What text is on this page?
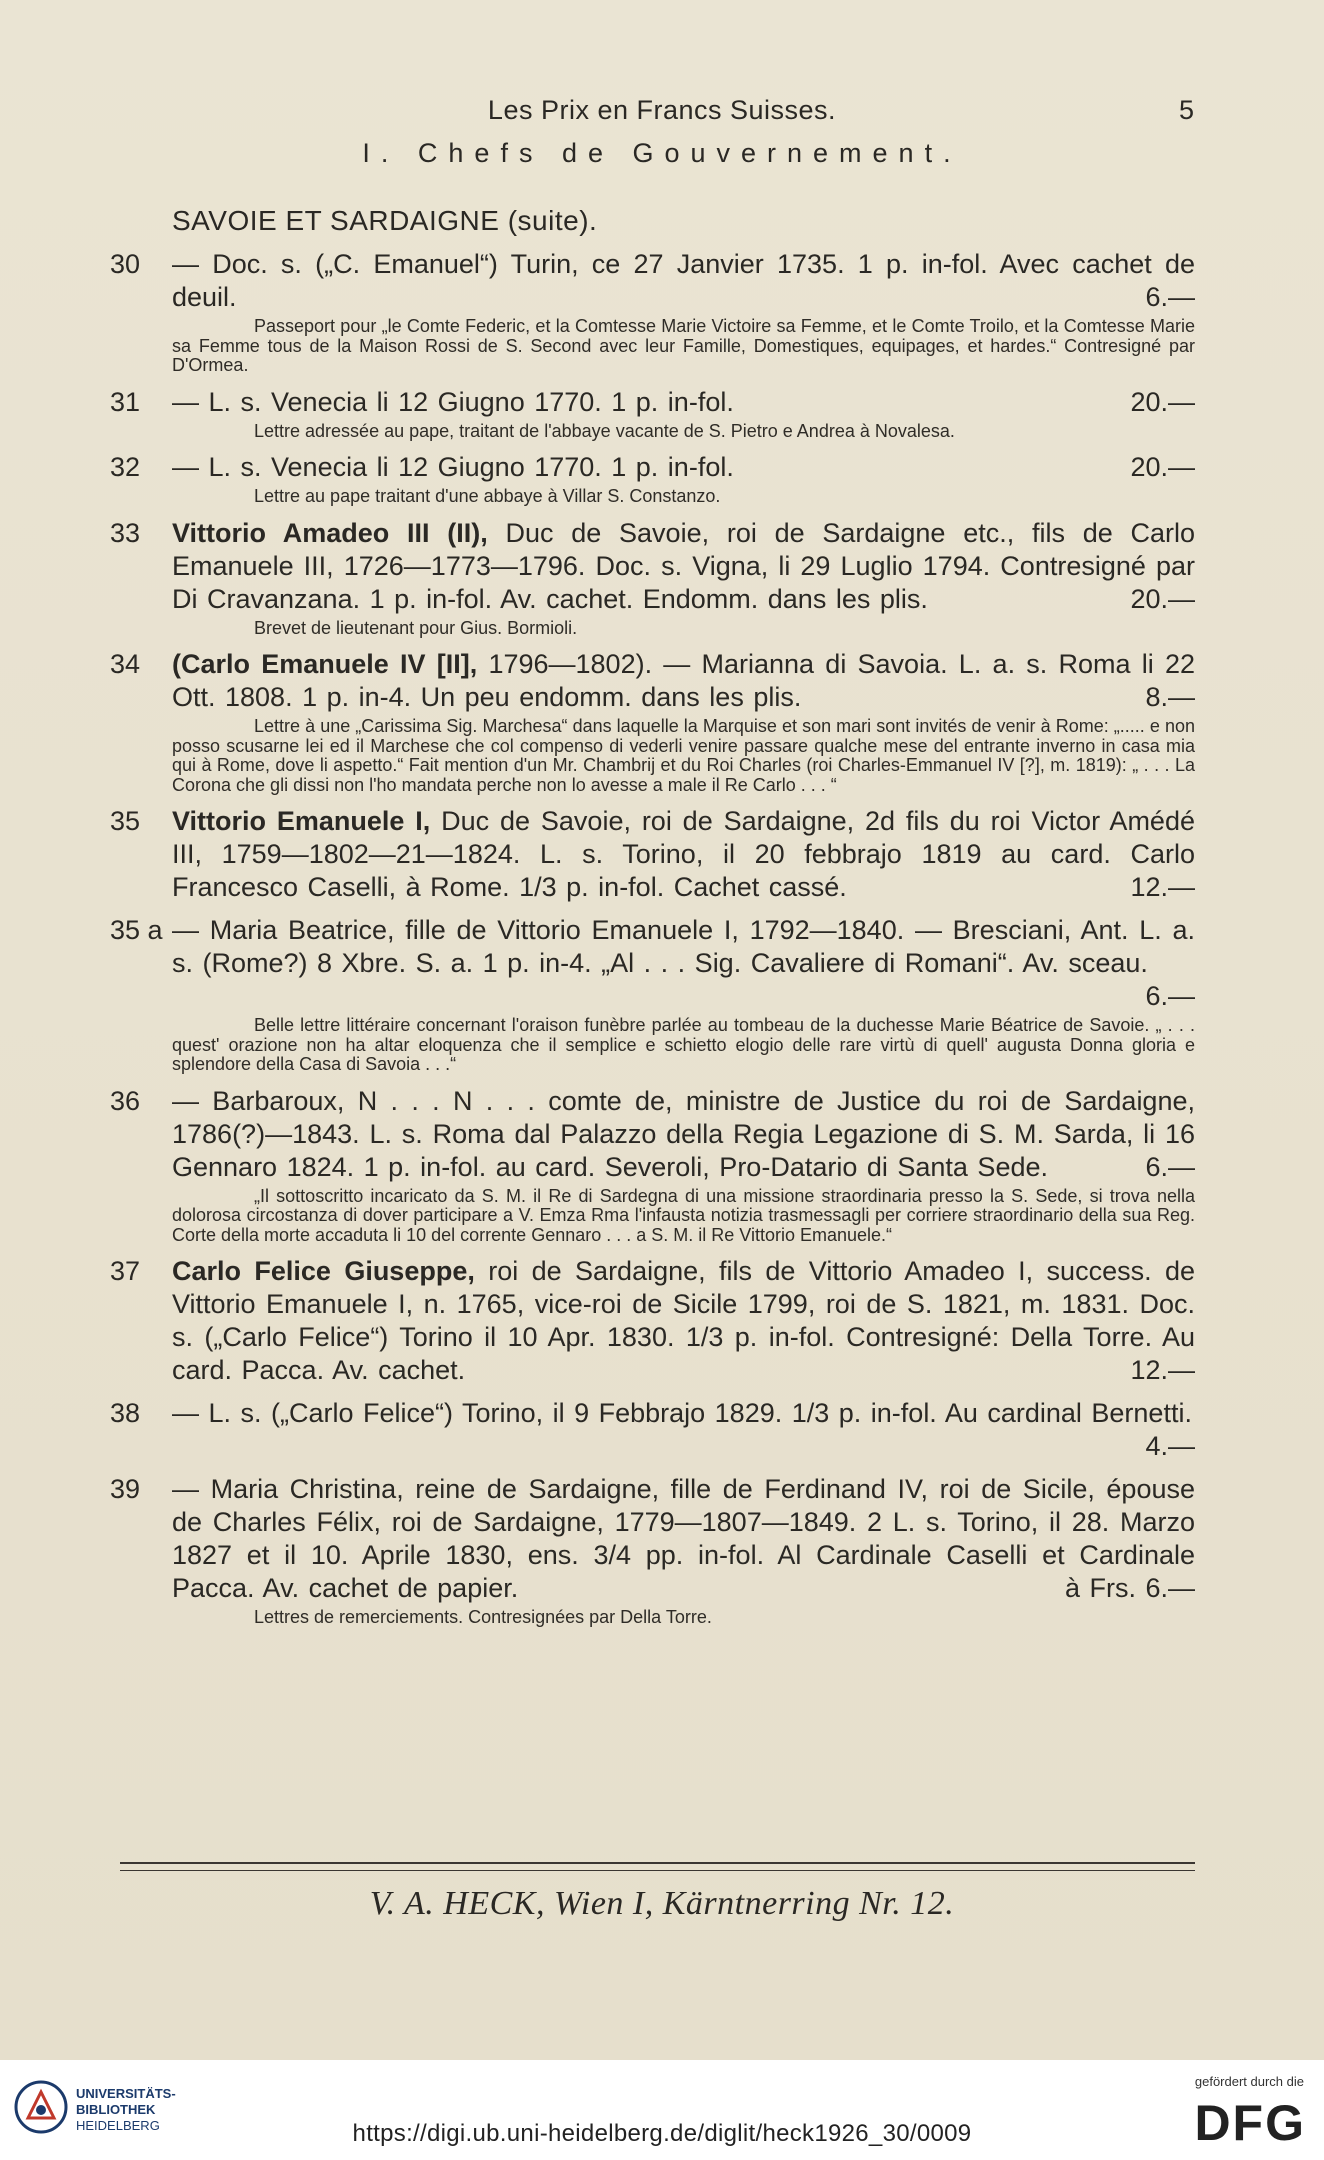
Les Prix en Francs Suisses.	5
I. Chefs de Gouvernement.
SAVOIE ET SARDAIGNE (suite).
30 — Doc. s. („C. Emanuel“) Turin, ce 27 Janvier 1735. 1 p. in-fol. Avec cachet de deuil.	6.—
Passeport pour „le Comte Federic, et la Comtesse Marie Victoire sa Femme, et le Comte Troilo, et la Comtesse Marie sa Femme tous de la Maison Rossi de S. Second avec leur Famille, Domestiques, equipages, et hardes.“ Contresigné par D'Ormea.
31 — L. s. Venecia li 12 Giugno 1770. 1 p. in-fol.	20.—
Lettre adressée au pape, traitant de l'abbaye vacante de S. Pietro e Andrea à Novalesa.
32 — L. s. Venecia li 12 Giugno 1770. 1 p. in-fol.	20.—
Lettre au pape traitant d'une abbaye à Villar S. Constanzo.
33 Vittorio Amadeo III (II), Duc de Savoie, roi de Sardaigne etc., fils de Carlo Emanuele III, 1726—1773—1796. Doc. s. Vigna, li 29 Luglio 1794. Contresigné par Di Cravanzana. 1 p. in-fol. Av. cachet. Endomm. dans les plis.	20.—
Brevet de lieutenant pour Gius. Bormioli.
34 (Carlo Emanuele IV [II], 1796—1802). — Marianna di Savoia. L. a. s. Roma li 22 Ott. 1808. 1 p. in-4. Un peu endomm. dans les plis.	8.—
Lettre à une „Carissima Sig. Marchesa“ dans laquelle la Marquise et son mari sont invités de venir à Rome: „..... e non posso scusarne lei ed il Marchese che col compenso di vederli venire passare qualche mese del entrante inverno in casa mia qui à Rome, dove li aspetto.“ Fait mention d'un Mr. Chambrij et du Roi Charles (roi Charles-Emmanuel IV [?], m. 1819): „ . . . La Corona che gli dissi non l'ho mandata perche non lo avesse a male il Re Carlo . . . “
35 Vittorio Emanuele I, Duc de Savoie, roi de Sardaigne, 2d fils du roi Victor Amédé III, 1759—1802—21—1824. L. s. Torino, il 20 febbrajo 1819 au card. Carlo Francesco Caselli, à Rome. 1/3 p. in-fol. Cachet cassé.	12.—
35 a — Maria Beatrice, fille de Vittorio Emanuele I, 1792—1840. — Bresciani, Ant. L. a. s. (Rome?) 8 Xbre. S. a. 1 p. in-4. „Al . . . Sig. Cavaliere di Romani“. Av. sceau.
6.—
Belle lettre littéraire concernant l'oraison funèbre parlée au tombeau de la duchesse Marie Béatrice de Savoie. „ . . . quest' orazione non ha altar eloquenza che il semplice e schietto elogio delle rare virtù di quell' augusta Donna gloria e splendore della Casa di Savoia . . .“
36 — Barbaroux, N . . . N . . . comte de, ministre de Justice du roi de Sardaigne, 1786(?)—1843. L. s. Roma dal Palazzo della Regia Legazione di S. M. Sarda, li 16 Gennaro 1824. 1 p. in-fol. au card. Severoli, Pro-Datario di Santa Sede.	6.—
„Il sottoscritto incaricato da S. M. il Re di Sardegna di una missione straordinaria presso la S. Sede, si trova nella dolorosa circostanza di dover participare a V. Emza Rma l'infausta notizia trasmessagli per corriere straordinario della sua Reg. Corte della morte accaduta li 10 del corrente Gennaro . . . a S. M. il Re Vittorio Emanuele.“
37 Carlo Felice Giuseppe, roi de Sardaigne, fils de Vittorio Amadeo I, success. de Vittorio Emanuele I, n. 1765, vice-roi de Sicile 1799, roi de S. 1821, m. 1831. Doc. s. („Carlo Felice“) Torino il 10 Apr. 1830. 1/3 p. in-fol. Contresigné: Della Torre. Au card. Pacca. Av. cachet.	12.—
38 — L. s. („Carlo Felice“) Torino, il 9 Febbrajo 1829. 1/3 p. in-fol. Au cardinal Bernetti.
4.—
39 — Maria Christina, reine de Sardaigne, fille de Ferdinand IV, roi de Sicile, épouse de Charles Félix, roi de Sardaigne, 1779—1807—1849. 2 L. s. Torino, il 28. Marzo 1827 et il 10. Aprile 1830, ens. 3/4 pp. in-fol. Al Cardinale Caselli et Cardinale Pacca. Av. cachet de papier.	à Frs. 6.—
Lettres de remerciements. Contresignées par Della Torre.
V. A. HECK, Wien I, Kärntnerring Nr. 12.
UNIVERSITÄTS-
BIBLIOTHEK
HEIDELBERG	https://digi.ub.uni-heidelberg.de/diglit/heck1926_30/0009
gefördert durch die
DFG
